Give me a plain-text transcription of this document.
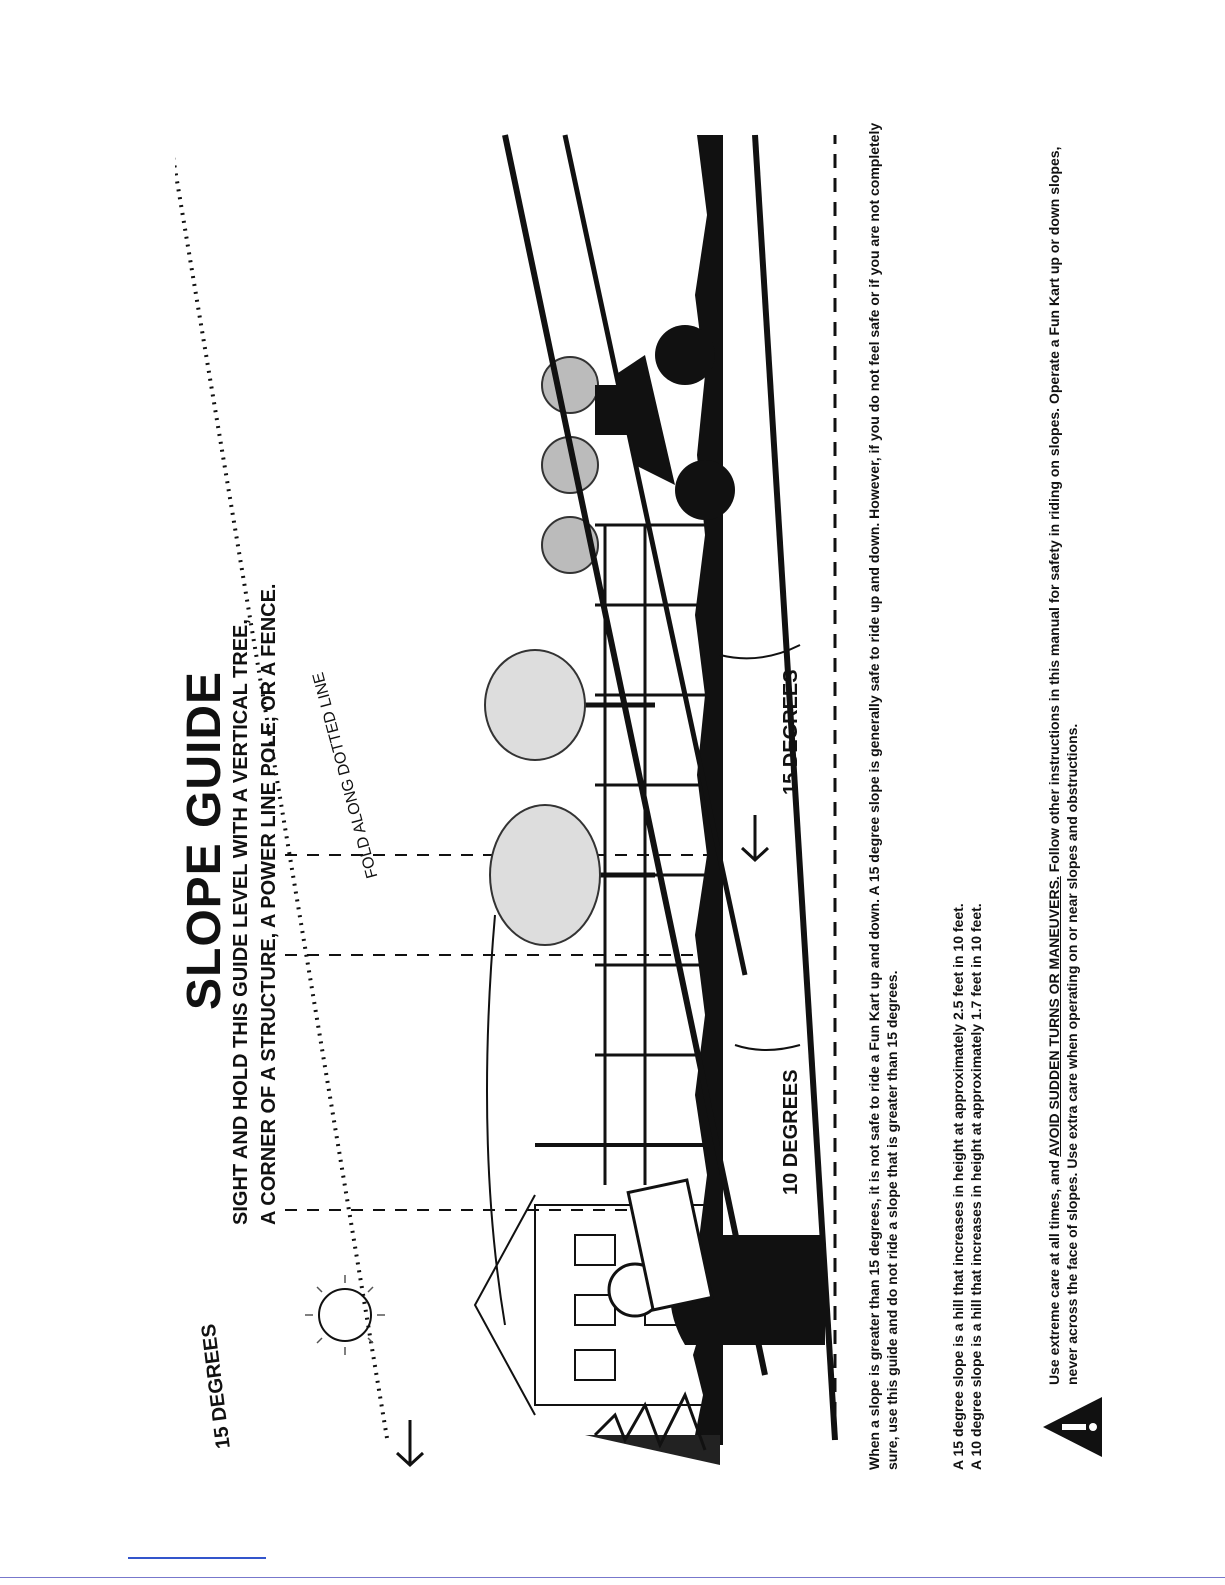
SLOPE GUIDE SIGHT AND HOLD THIS GUIDE LEVEL WITH A VERTICAL TREE, A CORNER OF A STRUCTURE, A POWER LINE POLE, OR A FENCE.
15 DEGREES
FOLD ALONG DOTTED LINE
10 DEGREES
15 DEGREES	When a slope is greater than 15 degrees, it is not safe to ride a Fun Kart up and down. A 15 degree slope is generally safe to ride up and down. However, if you do not feel safe or if you are not completely sure, use this guide and do not ride a slope that is greater than 15 degrees.	A 15 degree slope is a hill that increases in height at approximately 2.5 feet in 10 feet. A 10 degree slope is a hill that increases in height at approximately 1.7 feet in 10 feet.	Use extreme care at all times, and AVOID SUDDEN TURNS OR MANEUVERS. Follow other instructions in this manual for safety in riding on slopes. Operate a Fun Kart up or down slopes, never across the face of slopes. Use extra care when operating on or near slopes and obstructions.
